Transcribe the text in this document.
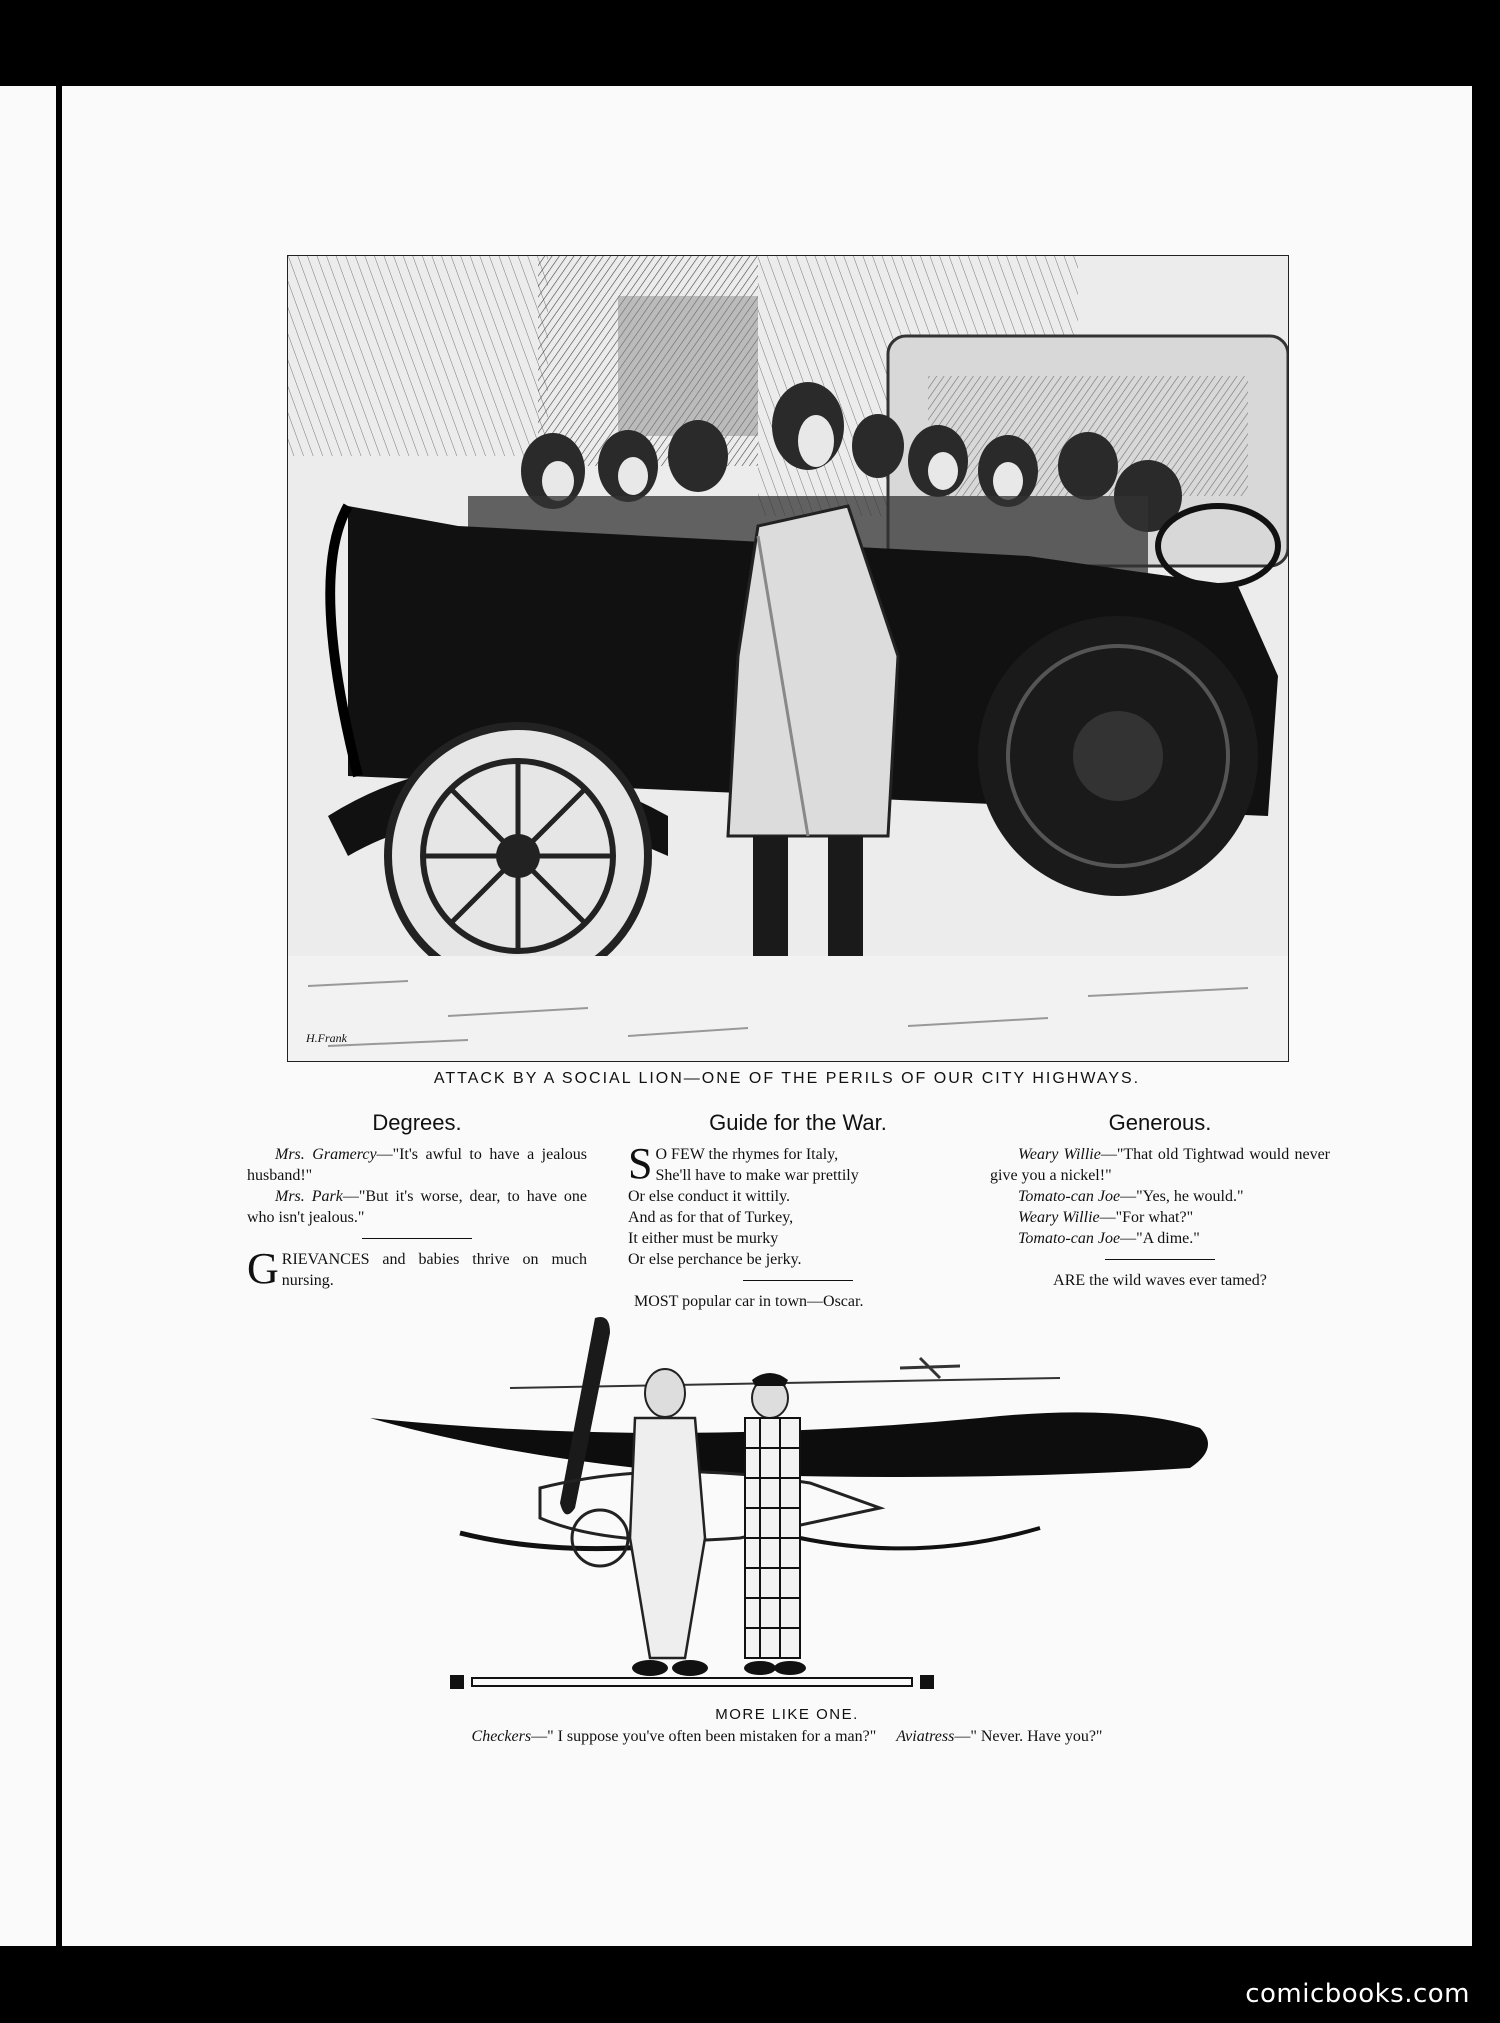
H.Frank
ATTACK BY A SOCIAL LION—ONE OF THE PERILS OF OUR CITY HIGHWAYS.
Degrees.

Mrs. Gramercy—"It's awful to have a jealous husband!"

Mrs. Park—"But it's worse, dear, to have one who isn't jealous."

GRIEVANCES and babies thrive on much nursing.

Guide for the War.
S O FEW the rhymes for Italy,

She'll have to make war prettily

Or else conduct it wittily.

And as for that of Turkey,

It either must be murky

Or else perchance be jerky.

MOST popular car in town—Oscar.

Generous.

Weary Willie—"That old Tightwad would never give you a nickel!"

Tomato-can Joe—"Yes, he would."

Weary Willie—"For what?"

Tomato-can Joe—"A dime."

ARE the wild waves ever tamed?

MORE LIKE ONE.
Checkers—" I suppose you've often been mistaken for a man?" Aviatress—" Never. Have you?"
comicbooks.com
